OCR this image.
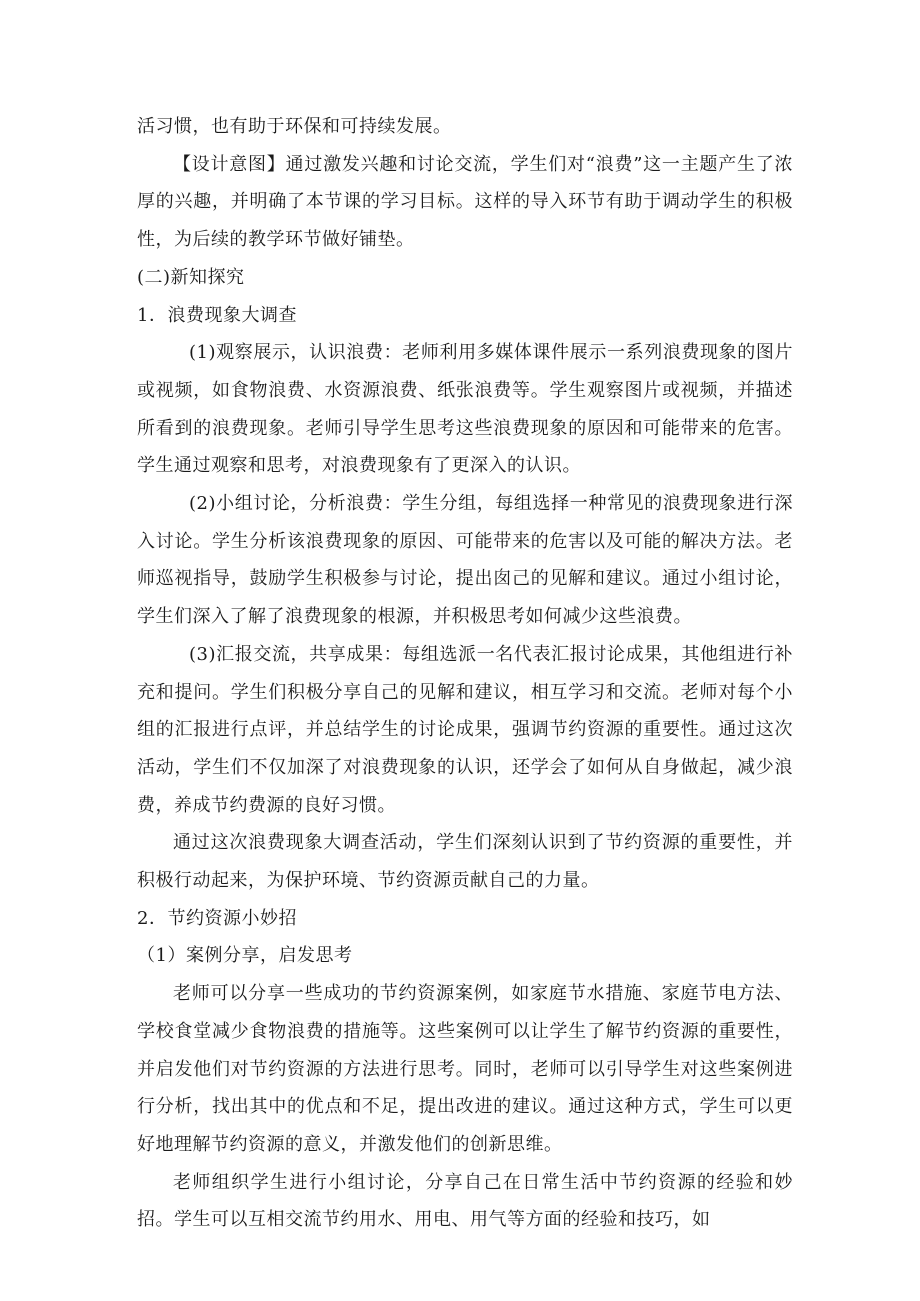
活习惯，也有助于环保和可持续发展。

【设计意图】通过激发兴趣和讨论交流，学生们对“浪费”这一主题产生了浓厚的兴趣，并明确了本节课的学习目标。这样的导入环节有助于调动学生的积极性，为后续的教学环节做好铺垫。

(二)新知探究

1．浪费现象大调查

(1)观察展示，认识浪费：老师利用多媒体课件展示一系列浪费现象的图片或视频，如食物浪费、水资源浪费、纸张浪费等。学生观察图片或视频，并描述所看到的浪费现象。老师引导学生思考这些浪费现象的原因和可能带来的危害。学生通过观察和思考，对浪费现象有了更深入的认识。

(2)小组讨论，分析浪费：学生分组，每组选择一种常见的浪费现象进行深入讨论。学生分析该浪费现象的原因、可能带来的危害以及可能的解决方法。老师巡视指导，鼓励学生积极参与讨论，提出囱己的见解和建议。通过小组讨论，学生们深入了解了浪费现象的根源，并积极思考如何减少这些浪费。

(3)汇报交流，共享成果：每组选派一名代表汇报讨论成果，其他组进行补充和提问。学生们积极分享自己的见解和建议，相互学习和交流。老师对每个小组的汇报进行点评，并总结学生的讨论成果，强调节约资源的重要性。通过这次活动，学生们不仅加深了对浪费现象的认识，还学会了如何从自身做起，减少浪费，养成节约费源的良好习惯。

通过这次浪费现象大调查活动，学生们深刻认识到了节约资源的重要性，并积极行动起来，为保护环境、节约资源贡献自己的力量。

2．节约资源小妙招

（1）案例分享，启发思考

老师可以分享一些成功的节约资源案例，如家庭节水措施、家庭节电方法、学校食堂减少食物浪费的措施等。这些案例可以让学生了解节约资源的重要性，并启发他们对节约资源的方法进行思考。同时，老师可以引导学生对这些案例进行分析，找出其中的优点和不足，提出改进的建议。通过这种方式，学生可以更好地理解节约资源的意义，并激发他们的创新思维。

老师组织学生进行小组讨论，分享自己在日常生活中节约资源的经验和妙招。学生可以互相交流节约用水、用电、用气等方面的经验和技巧，如
